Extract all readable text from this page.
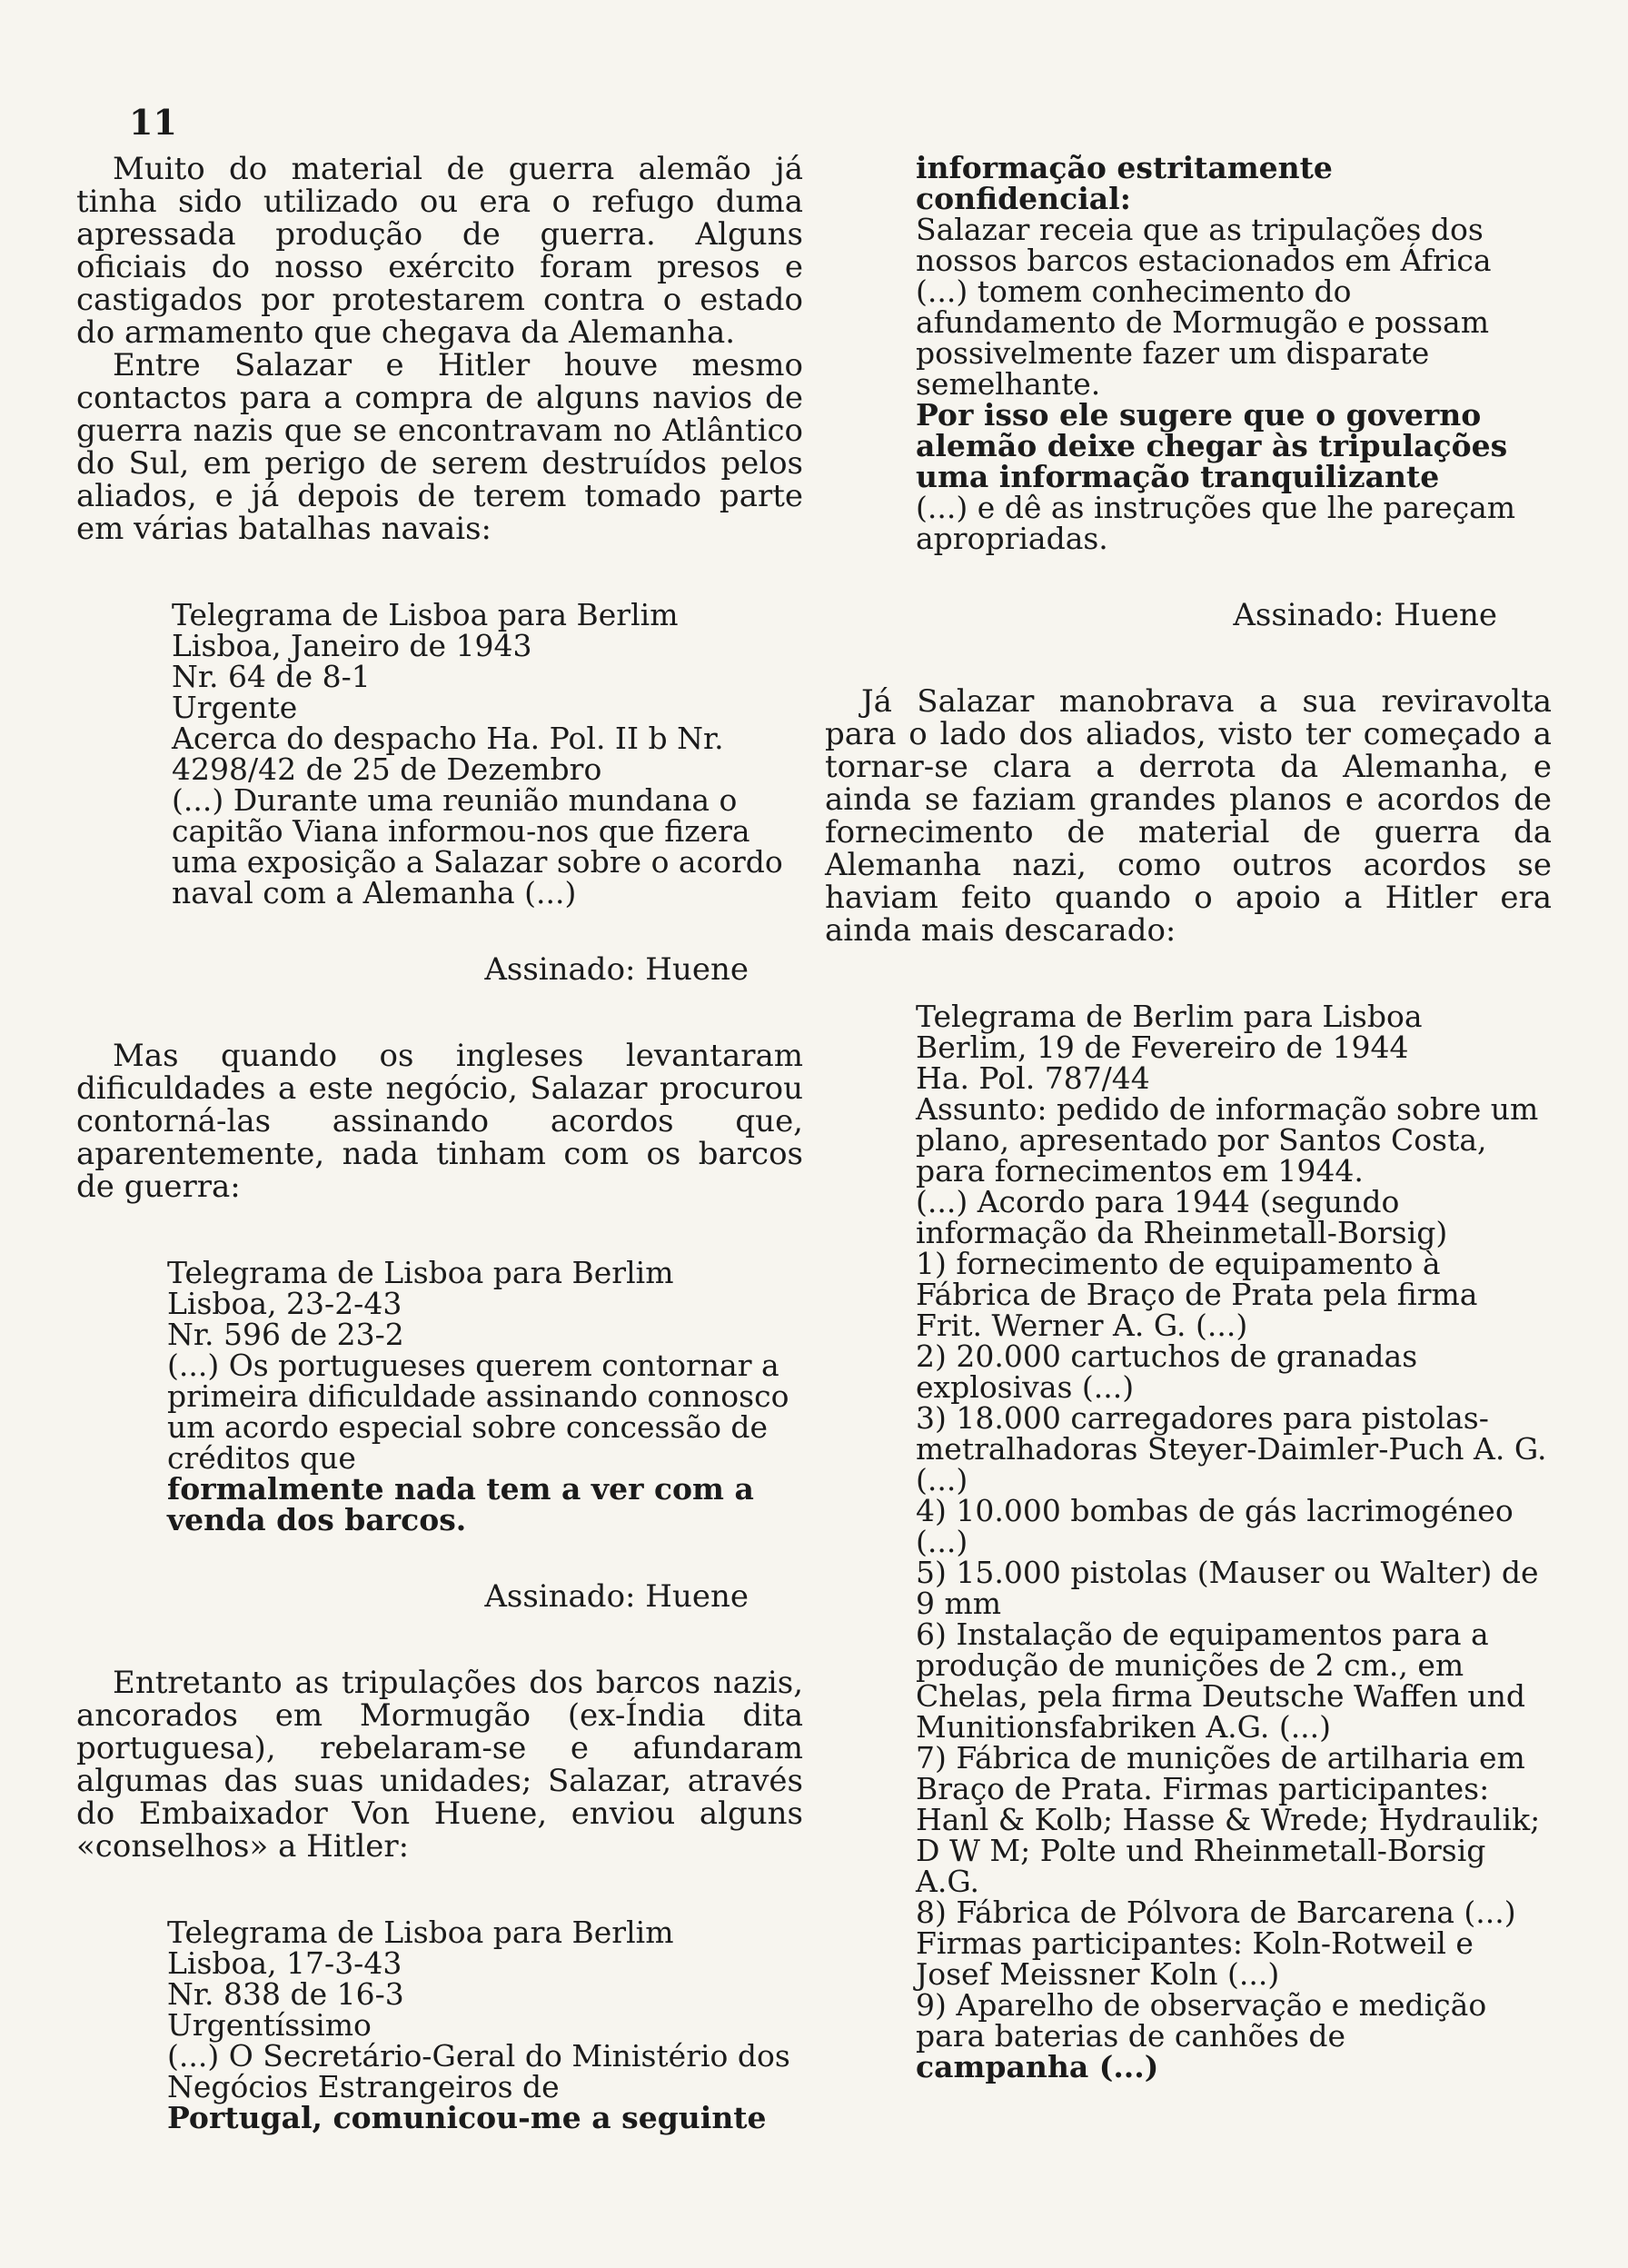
11

Muito do material de guerra alemão já tinha sido utilizado ou era o refugo duma apressada produção de guerra. Alguns oficiais do nosso exército foram presos e castigados por protestarem contra o estado do armamento que chegava da Alemanha.

Entre Salazar e Hitler houve mesmo contactos para a compra de alguns navios de guerra nazis que se encontravam no Atlântico do Sul, em perigo de serem destruídos pelos aliados, e já depois de terem tomado parte em várias batalhas navais:

Telegrama de Lisboa para Berlim

Lisboa, Janeiro de 1943

Nr. 64 de 8-1

Urgente

Acerca do despacho Ha. Pol. II b Nr. 4298/42 de 25 de Dezembro

(...) Durante uma reunião mundana o capitão Viana informou-nos que fizera uma exposição a Salazar sobre o acordo naval com a Alemanha (...)

Assinado: Huene

Mas quando os ingleses levantaram dificuldades a este negócio, Salazar procurou contorná-las assinando acordos que, aparentemente, nada tinham com os barcos de guerra:

Telegrama de Lisboa para Berlim

Lisboa, 23-2-43

Nr. 596 de 23-2

(...) Os portugueses querem contornar a primeira dificuldade assinando connosco um acordo especial sobre concessão de créditos que

formalmente nada tem a ver com a venda dos barcos.

Assinado: Huene

Entretanto as tripulações dos barcos nazis, ancorados em Mormugão (ex-Índia dita portuguesa), rebelaram-se e afundaram algumas das suas unidades; Salazar, através do Embaixador Von Huene, enviou alguns «conselhos» a Hitler:

Telegrama de Lisboa para Berlim

Lisboa, 17-3-43

Nr. 838 de 16-3

Urgentíssimo

(...) O Secretário-Geral do Ministério dos Negócios Estrangeiros de

Portugal, comunicou-me a seguinte

informação estritamente confidencial:

Salazar receia que as tripulações dos nossos barcos estacionados em África (...) tomem conhecimento do afundamento de Mormugão e possam possivelmente fazer um disparate semelhante.

Por isso ele sugere que o governo alemão deixe chegar às tripulações uma informação tranquilizante

(...) e dê as instruções que lhe pareçam apropriadas.

Assinado: Huene

Já Salazar manobrava a sua reviravolta para o lado dos aliados, visto ter começado a tornar-se clara a derrota da Alemanha, e ainda se faziam grandes planos e acordos de fornecimento de material de guerra da Alemanha nazi, como outros acordos se haviam feito quando o apoio a Hitler era ainda mais descarado:

Telegrama de Berlim para Lisboa

Berlim, 19 de Fevereiro de 1944

Ha. Pol. 787/44

Assunto: pedido de informação sobre um plano, apresentado por Santos Costa, para fornecimentos em 1944.

(...) Acordo para 1944 (segundo informação da Rheinmetall-Borsig)

1) fornecimento de equipamento à Fábrica de Braço de Prata pela firma Frit. Werner A. G. (...)

2) 20.000 cartuchos de granadas explosivas (...)

3) 18.000 carregadores para pistolas-metralhadoras Steyer-Daimler-Puch A. G. (...)

4) 10.000 bombas de gás lacrimogéneo (...)

5) 15.000 pistolas (Mauser ou Walter) de 9 mm

6) Instalação de equipamentos para a produção de munições de 2 cm., em Chelas, pela firma Deutsche Waffen und Munitionsfabriken A.G. (...)
7) Fábrica de munições de artilharia em Braço de Prata. Firmas participantes: Hanl & Kolb; Hasse & Wrede; Hydraulik; D W M; Polte und Rheinmetall-Borsig A.G.
8) Fábrica de Pólvora de Barcarena (...) Firmas participantes: Koln-Rotweil e Josef Meissner Koln (...)
9) Aparelho de observação e medição para baterias de canhões de

campanha (...)
